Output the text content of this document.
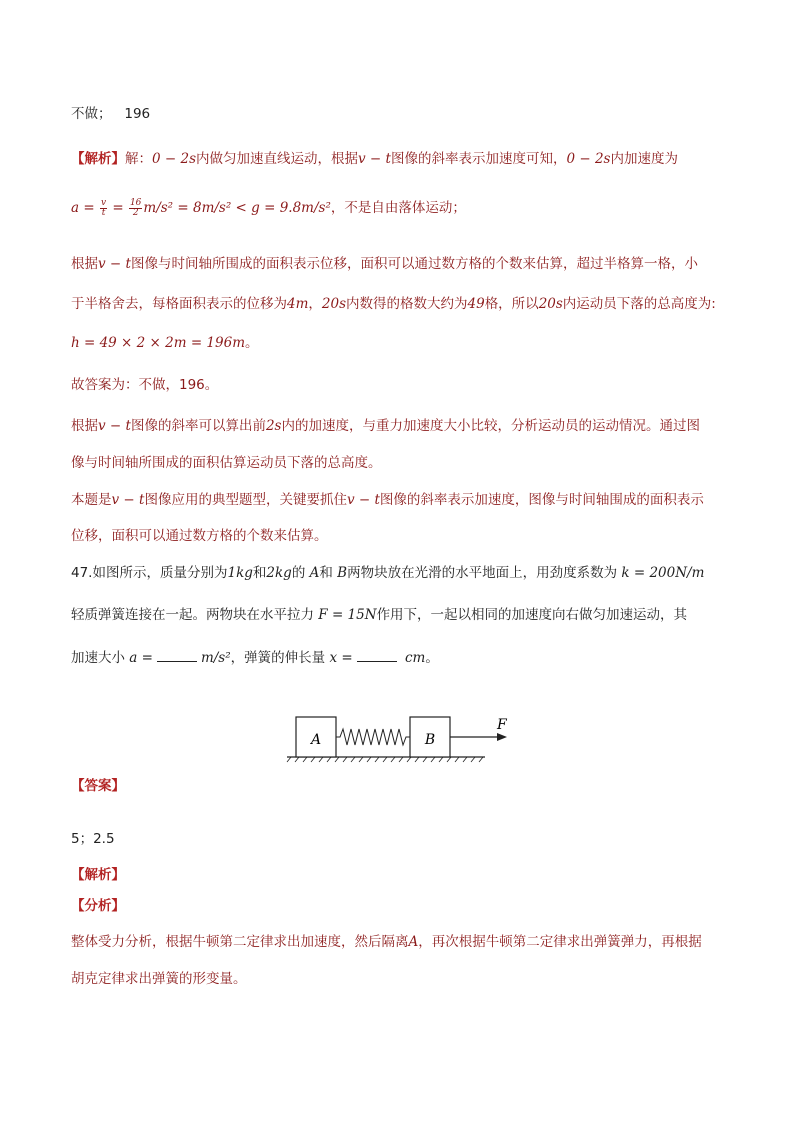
不做； 196
【解析】解：0 − 2s内做匀加速直线运动，根据v − t图像的斜率表示加速度可知，0 − 2s内加速度为
$a = \frac{v}{t} = \frac{16}{2} m/s^2 = 8m/s^2 < g = 9.8m/s^2$，不是自由落体运动；
根据v − t图像与时间轴所围成的面积表示位移，面积可以通过数方格的个数来估算，超过半格算一格，小
于半格舍去，每格面积表示的位移为4m，20s内数得的格数大约为49格，所以20s内运动员下落的总高度为:
h = 49 × 2 × 2m = 196m。
故答案为：不做，196。
根据v − t图像的斜率可以算出前2s内的加速度，与重力加速度大小比较，分析运动员的运动情况。通过图
像与时间轴所围成的面积估算运动员下落的总高度。
本题是v − t图像应用的典型题型，关键要抓住v − t图像的斜率表示加速度，图像与时间轴围成的面积表示
位移，面积可以通过数方格的个数来估算。
47.如图所示，质量分别为1kg和2kg的 A和 B两物块放在光滑的水平地面上，用劲度系数为 k = 200N/m
轻质弹簧连接在一起。两物块在水平拉力 F = 15N作用下，一起以相同的加速度向右做匀加速运动，其
加速大小 a =	m/s²，弹簧的伸长量 x =	cm。
A	B
F
【答案】
5；2.5
【解析】
【分析】
整体受力分析，根据牛顿第二定律求出加速度，然后隔离A，再次根据牛顿第二定律求出弹簧弹力，再根据
胡克定律求出弹簧的形变量。
